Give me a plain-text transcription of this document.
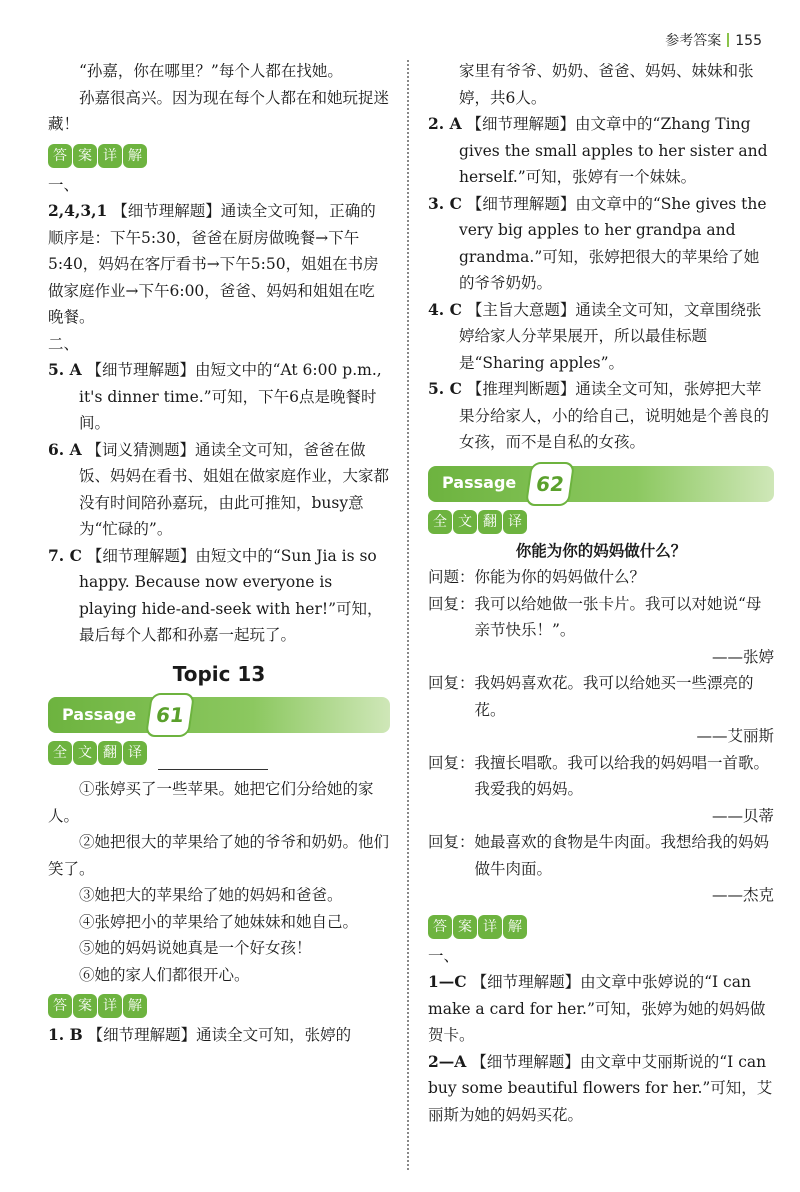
参考答案 155

“孙嘉，你在哪里？”每个人都在找她。

孙嘉很高兴。因为现在每个人都在和她玩捉迷藏！

答 案 详 解

一、

2,4,3,1 【细节理解题】通读全文可知，正确的顺序是：下午5:30，爸爸在厨房做晚餐→下午5:40，妈妈在客厅看书→下午5:50，姐姐在书房做家庭作业→下午6:00，爸爸、妈妈和姐姐在吃晚餐。

二、

5. A 【细节理解题】由短文中的“At 6:00 p.m., it's dinner time.”可知，下午6点是晚餐时间。

6. A 【词义猜测题】通读全文可知，爸爸在做饭、妈妈在看书、姐姐在做家庭作业，大家都没有时间陪孙嘉玩，由此可推知，busy意为“忙碌的”。

7. C 【细节理解题】由短文中的“Sun Jia is so happy. Because now everyone is playing hide-and-seek with her!”可知，最后每个人都和孙嘉一起玩了。

Topic 13
Passage 61
全 文 翻 译

①张婷买了一些苹果。她把它们分给她的家人。

②她把很大的苹果给了她的爷爷和奶奶。他们笑了。

③她把大的苹果给了她的妈妈和爸爸。

④张婷把小的苹果给了她妹妹和她自己。

⑤她的妈妈说她真是一个好女孩！

⑥她的家人们都很开心。

答 案 详 解

1. B 【细节理解题】通读全文可知，张婷的

家里有爷爷、奶奶、爸爸、妈妈、妹妹和张婷，共6人。

2. A 【细节理解题】由文章中的“Zhang Ting gives the small apples to her sister and herself.”可知，张婷有一个妹妹。

3. C 【细节理解题】由文章中的“She gives the very big apples to her grandpa and grandma.”可知，张婷把很大的苹果给了她的爷爷奶奶。

4. C 【主旨大意题】通读全文可知，文章围绕张婷给家人分苹果展开，所以最佳标题是“Sharing apples”。

5. C 【推理判断题】通读全文可知，张婷把大苹果分给家人，小的给自己，说明她是个善良的女孩，而不是自私的女孩。

Passage 62
全 文 翻 译

你能为你的妈妈做什么？

问题：你能为你的妈妈做什么？

回复：我可以给她做一张卡片。我可以对她说“母亲节快乐！”。

——张婷

回复：我妈妈喜欢花。我可以给她买一些漂亮的花。

——艾丽斯

回复：我擅长唱歌。我可以给我的妈妈唱一首歌。我爱我的妈妈。

——贝蒂

回复：她最喜欢的食物是牛肉面。我想给我的妈妈做牛肉面。

——杰克

答 案 详 解

一、

1—C 【细节理解题】由文章中张婷说的“I can make a card for her.”可知，张婷为她的妈妈做贺卡。

2—A 【细节理解题】由文章中艾丽斯说的“I can buy some beautiful flowers for her.”可知，艾丽斯为她的妈妈买花。
